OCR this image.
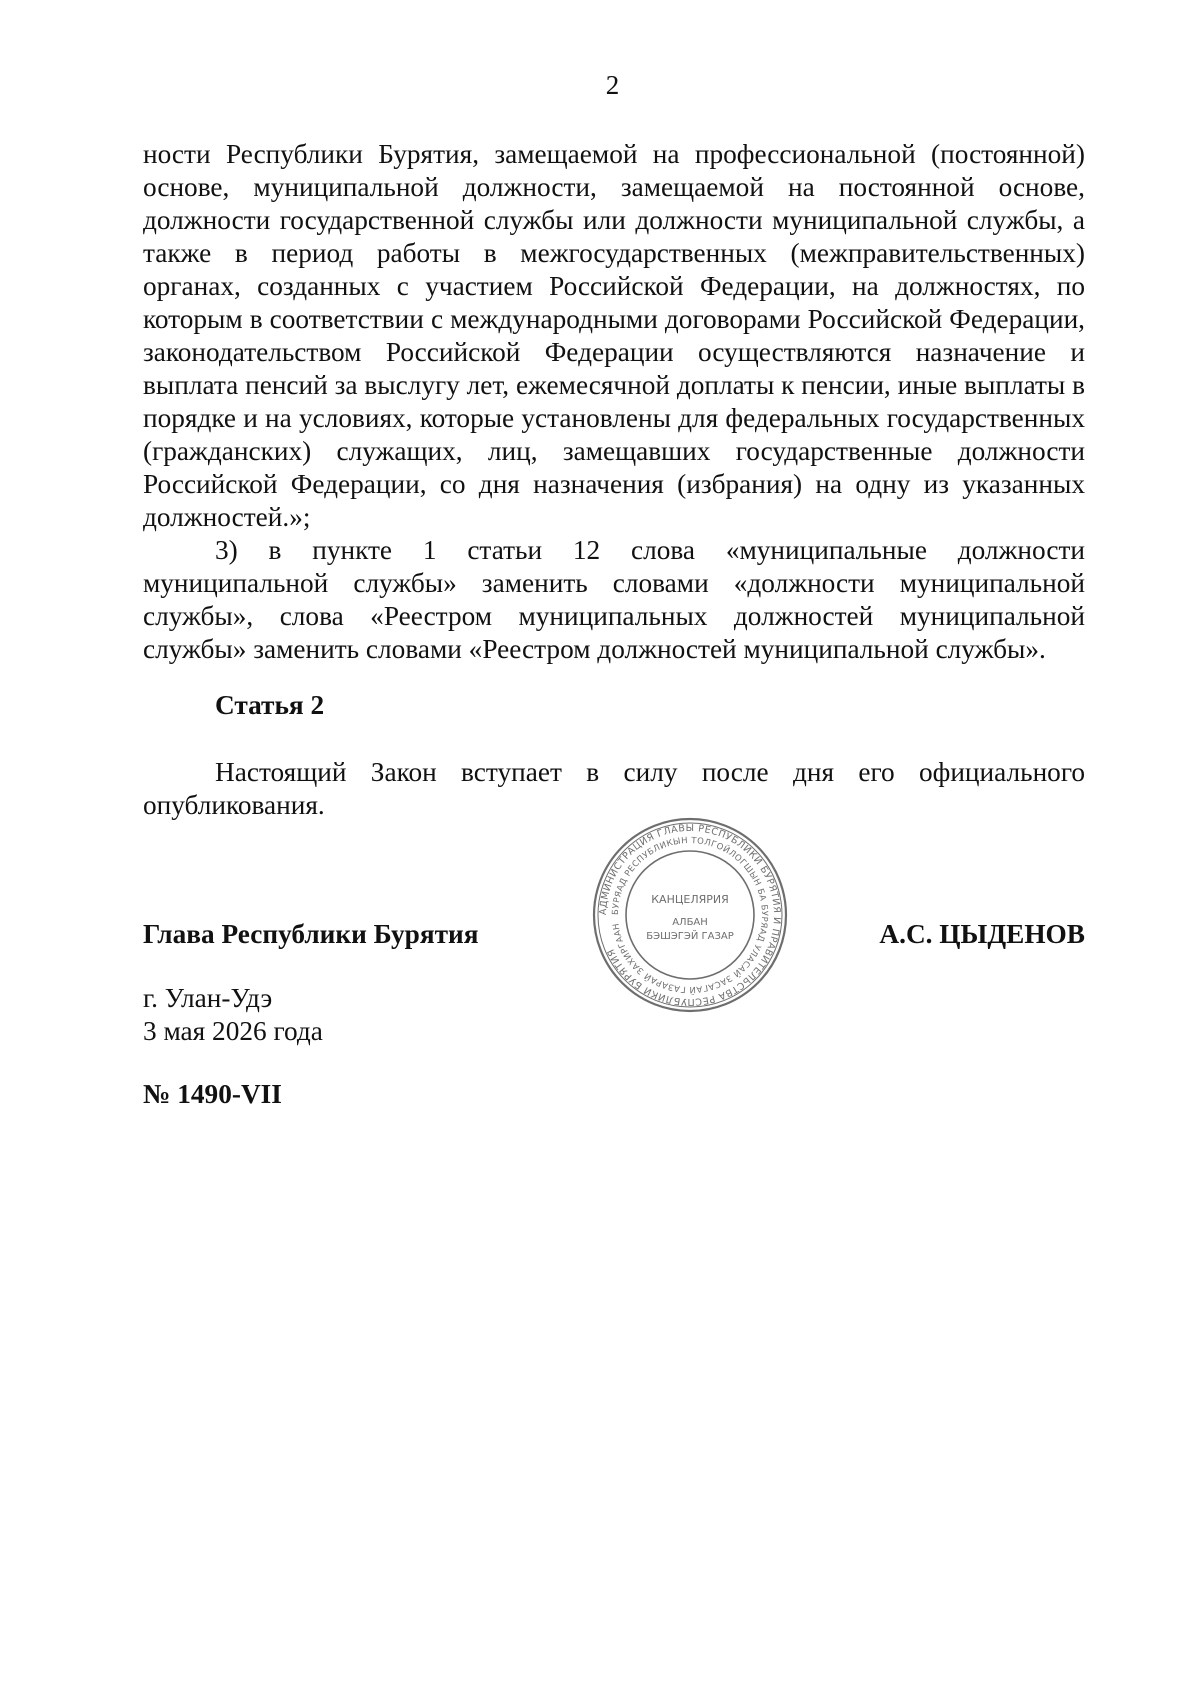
2

ности Республики Бурятия, замещаемой на профессиональной (постоянной) основе, муниципальной должности, замещаемой на постоянной основе, должности государственной службы или должности муниципальной службы, а также в период работы в межгосударственных (межправительственных) органах, созданных с участием Российской Федерации, на должностях, по которым в соответствии с международными договорами Российской Федерации, законодательством Российской Федерации осуществляются назначение и выплата пенсий за выслугу лет, ежемесячной доплаты к пенсии, иные выплаты в порядке и на условиях, которые установлены для федеральных государственных (гражданских) служащих, лиц, замещавших государственные должности Российской Федерации, со дня назначения (избрания) на одну из указанных должностей.»;

3) в пункте 1 статьи 12 слова «муниципальные должности муниципальной службы» заменить словами «должности муниципальной службы», слова «Реестром муниципальных должностей муниципальной службы» заменить словами «Реестром должностей муниципальной службы».

Статья 2

Настоящий Закон вступает в силу после дня его официального опубликования.

Глава Республики Бурятия	А.С. ЦЫДЕНОВ

АДМИНИСТРАЦИЯ ГЛАВЫ РЕСПУБЛИКИ БУРЯТИЯ И ПРАВИТЕЛЬСТВА РЕСПУБЛИКИ БУРЯТИЯ
БУРЯАД РЕСПУБЛИКЫН ТОЛГОЙЛОГШЫН БА БУРЯАД УЛАСАЙ ЗАСАГАЙ ГАЗАРАЙ ЗАХИРГААН
КАНЦЕЛЯРИЯ
АЛБАН
БЭШЭГЭЙ ГАЗАР

г. Улан-Удэ

3 мая 2026 года

№ 1490-VII
